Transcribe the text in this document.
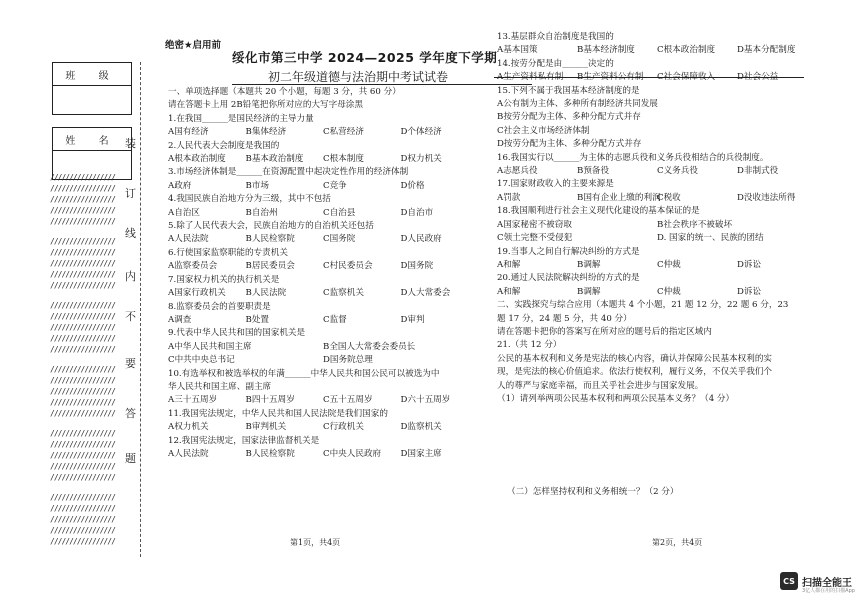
绝密★启用前
绥化市第三中学 2024—2025 学年度下学期
初二年级道德与法治期中考试试卷
班 级
姓 名
/////////////////
/////////////////
/////////////////
/////////////////
/////////////////
/////////////////
/////////////////
/////////////////
/////////////////
/////////////////
/////////////////
/////////////////
/////////////////
/////////////////
/////////////////
/////////////////
/////////////////
/////////////////
/////////////////
/////////////////
/////////////////
/////////////////
/////////////////
/////////////////
/////////////////
/////////////////
/////////////////
/////////////////
/////////////////
/////////////////
装
订
线
内
不
要
答
题
一、单项选择题（本题共 20 个小题，每题 3 分，共 60 分）
请在答题卡上用 2B铅笔把你所对应的大写字母涂黑
1.在我国______是国民经济的主导力量
A国有经济	B集体经济	C私营经济	D个体经济
2.人民代表大会制度是我国的
A根本政治制度	B基本政治制度	C根本制度	D权力机关
3.市场经济体制是______在资源配置中起决定性作用的经济体制
A政府	B市场	C竞争	D价格
4.我国民族自治地方分为三级，其中不包括
A自治区	B自治州	C自治县	D自治市
5.除了人民代表大会，民族自治地方的自治机关还包括
A人民法院	B人民检察院	C国务院	D人民政府
6.行使国家监察职能的专责机关
A监察委员会	B居民委员会	C村民委员会	D国务院
7.国家权力机关的执行机关是
A国家行政机关	B人民法院	C监察机关	D人大常委会
8.监察委员会的首要职责是
A调查	B处置	C监督	D审判
9.代表中华人民共和国的国家机关是
A中华人民共和国主席	B全国人大常委会委员长
C中共中央总书记	D国务院总理
10.有选举权和被选举权的年满______中华人民共和国公民可以被选为中
华人民共和国主席、副主席
A三十五周岁	B四十五周岁	C五十五周岁	D六十五周岁
11.我国宪法规定，中华人民共和国人民法院是我们国家的
A权力机关	B审判机关	C行政机关	D监察机关
12.我国宪法规定，国家法律监督机关是
A人民法院	B人民检察院	C中央人民政府	D国家主席
13.基层群众自治制度是我国的
A基本国策	B基本经济制度	C根本政治制度	D基本分配制度
14.按劳分配是由______决定的
A生产资料私有制	B生产资料公有制	C社会保障收入	D社会公益
15.下列不属于我国基本经济制度的是
A公有制为主体、多种所有制经济共同发展
B按劳分配为主体、多种分配方式并存
C社会主义市场经济体制
D按劳分配为主体、多种分配方式并存
16.我国实行以______为主体的志愿兵役和义务兵役相结合的兵役制度。
A志愿兵役	B预备役	C义务兵役	D非制式役
17.国家财政收入的主要来源是
A罚款	B国有企业上缴的利润
C税收	D没收违法所得
18.我国顺利进行社会主义现代化建设的基本保证的是
A国家秘密不被窃取	B社会秩序不被破坏
C领土完整不受侵犯	D. 国家的统一、民族的团结
19.当事人之间自行解决纠纷的方式是
A和解	B调解	C仲裁	D诉讼
20.通过人民法院解决纠纷的方式的是
A和解	B调解	C仲裁	D诉讼
二、实践探究与综合应用（本题共 4 个小题，21 题 12 分，22 题 6 分，23
题 17 分，24 题 5 分，共 40 分）
请在答题卡把你的答案写在所对应的题号后的指定区域内
21.（共 12 分）
公民的基本权利和义务是宪法的核心内容，确认并保障公民基本权利的实
现，是宪法的核心价值追求。依法行使权利，履行义务，不仅关乎我们个
人的尊严与家庭幸福，而且关乎社会进步与国家发展。
（1）请列举两项公民基本权利和两项公民基本义务？（4 分）
（二）怎样坚持权利和义务相统一？（2 分）
第1页，共4页	第2页，共4页
CS 扫描全能王
3亿人都在用的扫描App
